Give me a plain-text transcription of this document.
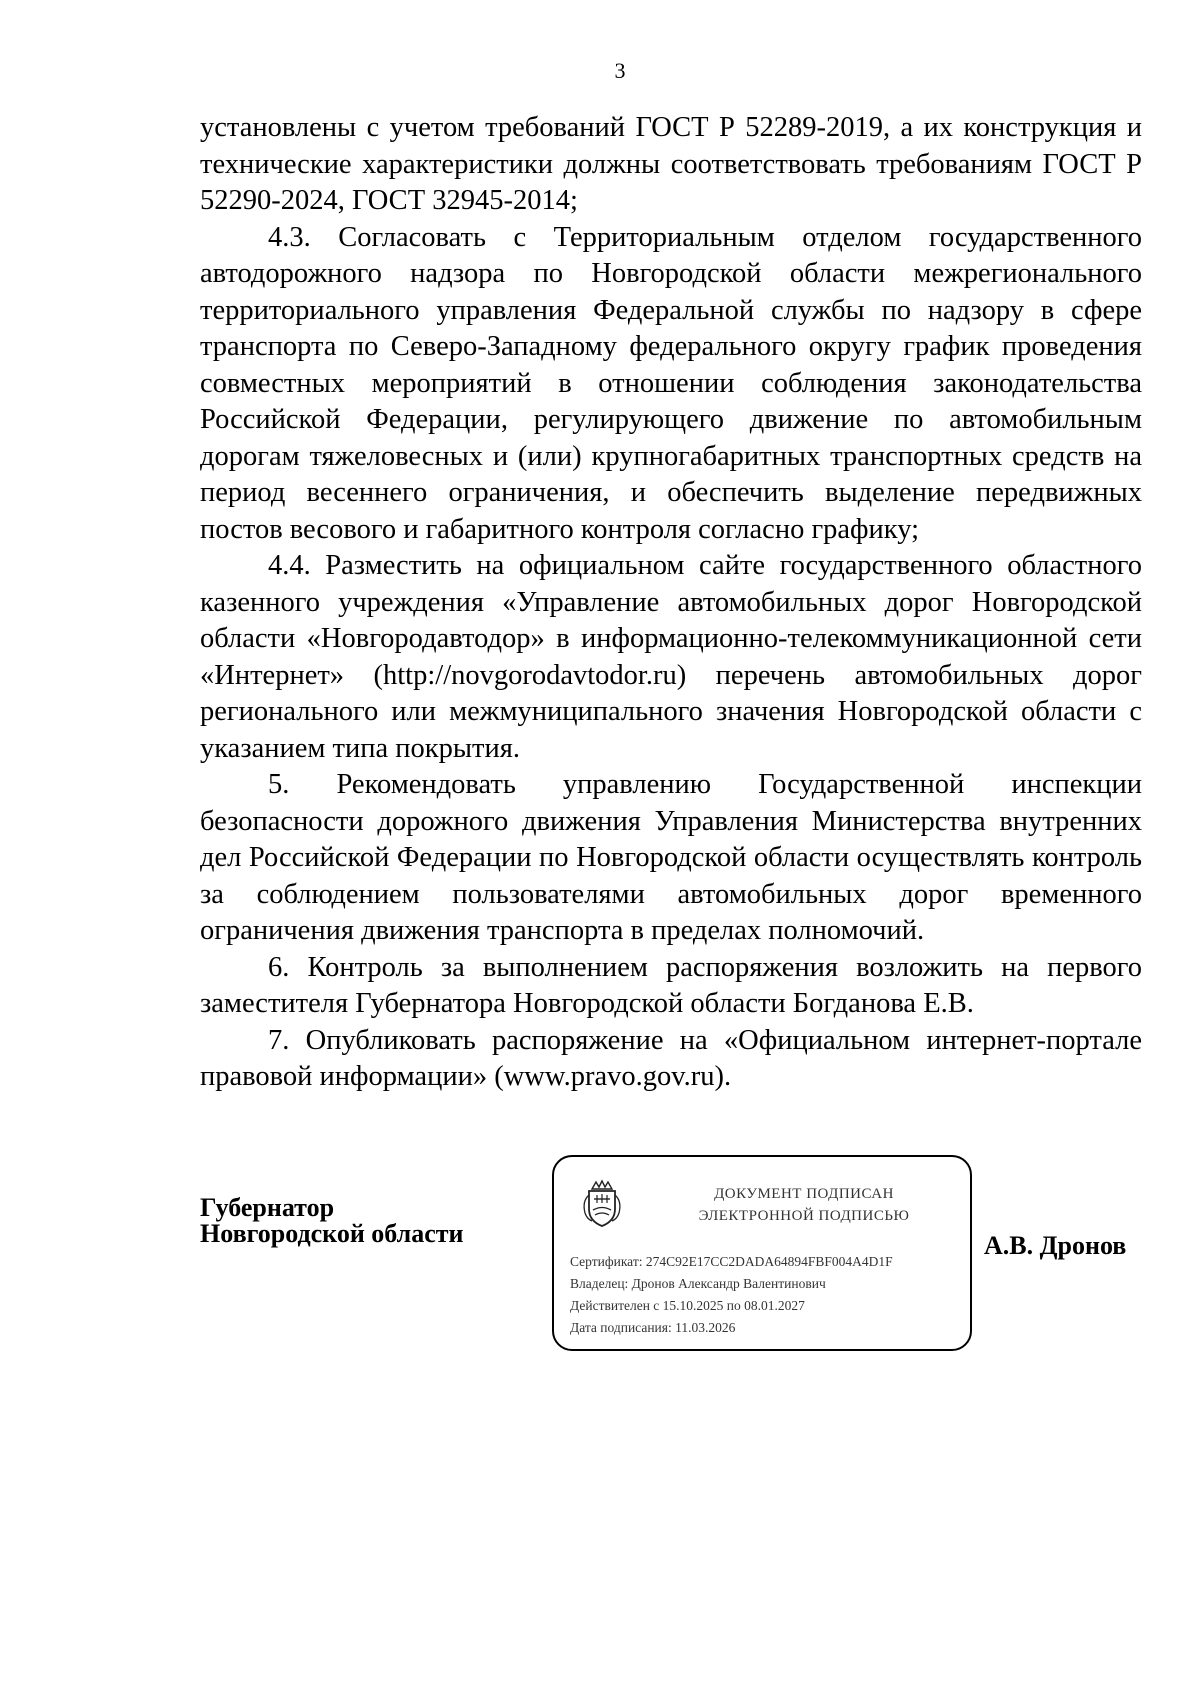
3

установлены с учетом требований ГОСТ Р 52289-2019, а их конструкция и технические характеристики должны соответствовать требованиям ГОСТ Р 52290-2024, ГОСТ 32945-2014;

4.3. Согласовать с Территориальным отделом государственного автодорожного надзора по Новгородской области межрегионального территориального управления Федеральной службы по надзору в сфере транспорта по Северо-Западному федерального округу график проведения совместных мероприятий в отношении соблюдения законодательства Российской Федерации, регулирующего движение по автомобильным дорогам тяжеловесных и (или) крупногабаритных транспортных средств на период весеннего ограничения, и обеспечить выделение передвижных постов весового и габаритного контроля согласно графику;

4.4. Разместить на официальном сайте государственного областного казенного учреждения «Управление автомобильных дорог Новгородской области «Новгородавтодор» в информационно-телекоммуникационной сети «Интернет» (http://novgorodavtodor.ru) перечень автомобильных дорог регионального или межмуниципального значения Новгородской области с указанием типа покрытия.

5. Рекомендовать управлению Государственной инспекции безопасности дорожного движения Управления Министерства внутренних дел Российской Федерации по Новгородской области осуществлять контроль за соблюдением пользователями автомобильных дорог временного ограничения движения транспорта в пределах полномочий.

6. Контроль за выполнением распоряжения возложить на первого заместителя Губернатора Новгородской области Богданова Е.В.

7. Опубликовать распоряжение на «Официальном интернет-портале правовой информации» (www.pravo.gov.ru).

Губернатор
Новгородской области
ДОКУМЕНТ ПОДПИСАН
ЭЛЕКТРОННОЙ ПОДПИСЬЮ
Сертификат: 274C92E17CC2DADA64894FBF004A4D1F
Владелец: Дронов Александр Валентинович
Действителен с 15.10.2025 по 08.01.2027
Дата подписания: 11.03.2026
А.В. Дронов
